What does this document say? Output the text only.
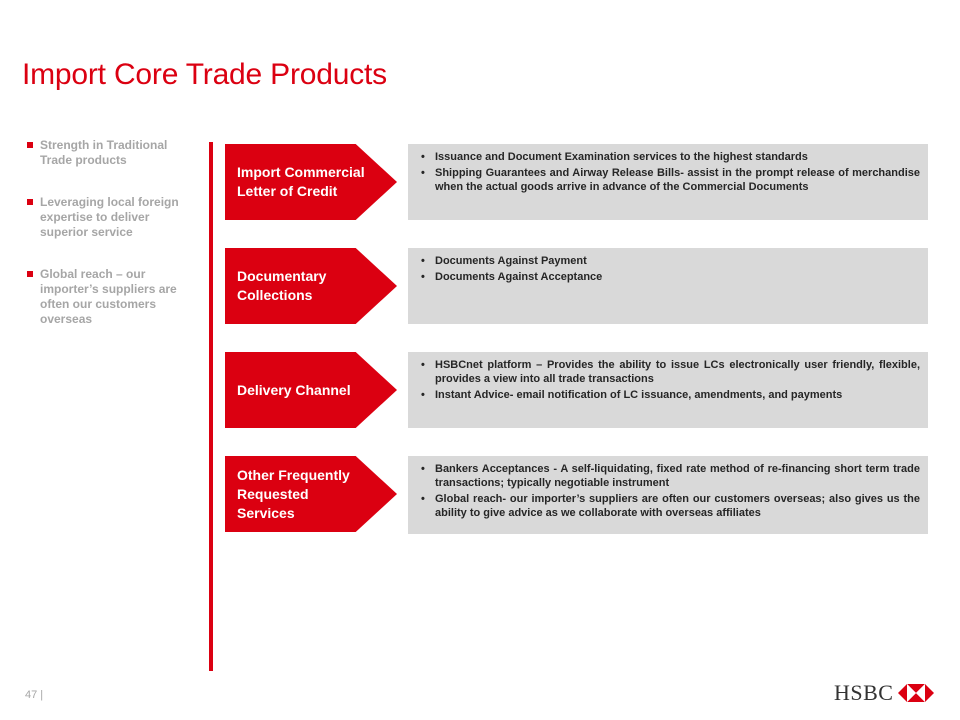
Import Core Trade Products
Strength in Traditional Trade products
Leveraging local foreign expertise to deliver superior service
Global reach – our importer’s suppliers are often our customers overseas
Import Commercial Letter of Credit
• Issuance and Document Examination services to the highest standards
• Shipping Guarantees and Airway Release Bills- assist in the prompt release of merchandise when the actual goods arrive in advance of the Commercial Documents
Documentary Collections
• Documents Against Payment
• Documents Against Acceptance
Delivery Channel
• HSBCnet platform – Provides the ability to issue LCs electronically user friendly, flexible, provides a view into all trade transactions
• Instant Advice- email notification of LC issuance, amendments, and payments
Other Frequently Requested Services
• Bankers Acceptances - A self-liquidating, fixed rate method of re-financing short term trade transactions; typically negotiable instrument
• Global reach- our importer’s suppliers are often our customers overseas; also gives us the ability to give advice as we collaborate with overseas affiliates
47 |	HSBC
